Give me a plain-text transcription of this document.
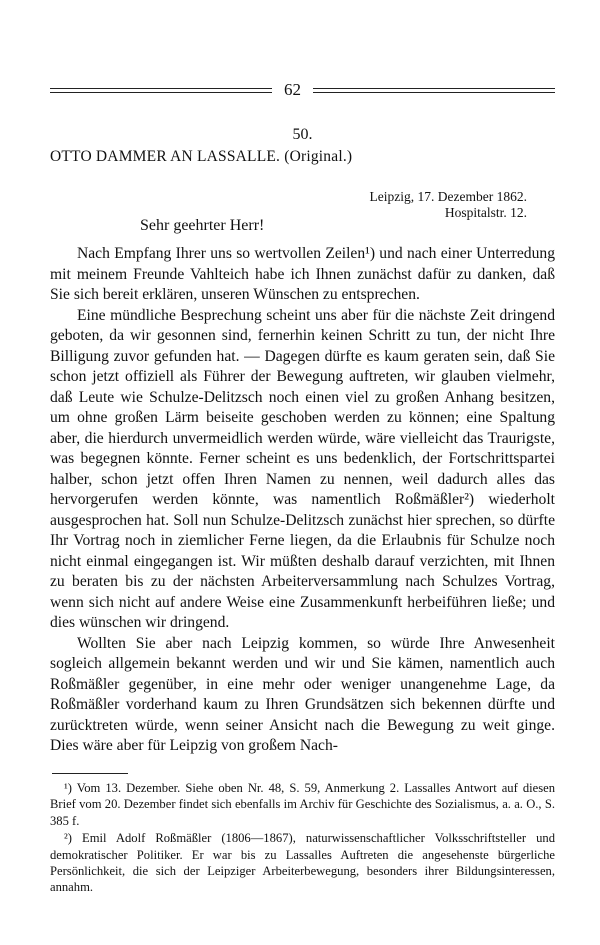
62
50.
OTTO DAMMER AN LASSALLE. (Original.)
Leipzig, 17. Dezember 1862.
Hospitalstr. 12.
Sehr geehrter Herr!

Nach Empfang Ihrer uns so wertvollen Zeilen¹) und nach einer Unterredung mit meinem Freunde Vahlteich habe ich Ihnen zunächst dafür zu danken, daß Sie sich bereit erklären, unseren Wünschen zu entsprechen.

Eine mündliche Besprechung scheint uns aber für die nächste Zeit dringend geboten, da wir gesonnen sind, fernerhin keinen Schritt zu tun, der nicht Ihre Billigung zuvor gefunden hat. — Dagegen dürfte es kaum geraten sein, daß Sie schon jetzt offiziell als Führer der Bewegung auftreten, wir glauben vielmehr, daß Leute wie Schulze-Delitzsch noch einen viel zu großen Anhang besitzen, um ohne großen Lärm beiseite geschoben werden zu können; eine Spaltung aber, die hierdurch unvermeidlich werden würde, wäre vielleicht das Traurigste, was begegnen könnte. Ferner scheint es uns bedenklich, der Fortschrittspartei halber, schon jetzt offen Ihren Namen zu nennen, weil dadurch alles das hervorgerufen werden könnte, was namentlich Roßmäßler²) wiederholt ausgesprochen hat. Soll nun Schulze-Delitzsch zunächst hier sprechen, so dürfte Ihr Vortrag noch in ziemlicher Ferne liegen, da die Erlaubnis für Schulze noch nicht einmal eingegangen ist. Wir müßten deshalb darauf verzichten, mit Ihnen zu beraten bis zu der nächsten Arbeiterversammlung nach Schulzes Vortrag, wenn sich nicht auf andere Weise eine Zusammenkunft herbeiführen ließe; und dies wünschen wir dringend.

Wollten Sie aber nach Leipzig kommen, so würde Ihre Anwesenheit sogleich allgemein bekannt werden und wir und Sie kämen, namentlich auch Roßmäßler gegenüber, in eine mehr oder weniger unangenehme Lage, da Roßmäßler vorderhand kaum zu Ihren Grundsätzen sich bekennen dürfte und zurücktreten würde, wenn seiner Ansicht nach die Bewegung zu weit ginge. Dies wäre aber für Leipzig von großem Nach-

¹) Vom 13. Dezember. Siehe oben Nr. 48, S. 59, Anmerkung 2. Lassalles Antwort auf diesen Brief vom 20. Dezember findet sich ebenfalls im Archiv für Geschichte des Sozialismus, a. a. O., S. 385 f.

²) Emil Adolf Roßmäßler (1806—1867), naturwissenschaftlicher Volksschriftsteller und demokratischer Politiker. Er war bis zu Lassalles Auftreten die angesehenste bürgerliche Persönlichkeit, die sich der Leipziger Arbeiterbewegung, besonders ihrer Bildungsinteressen, annahm.
